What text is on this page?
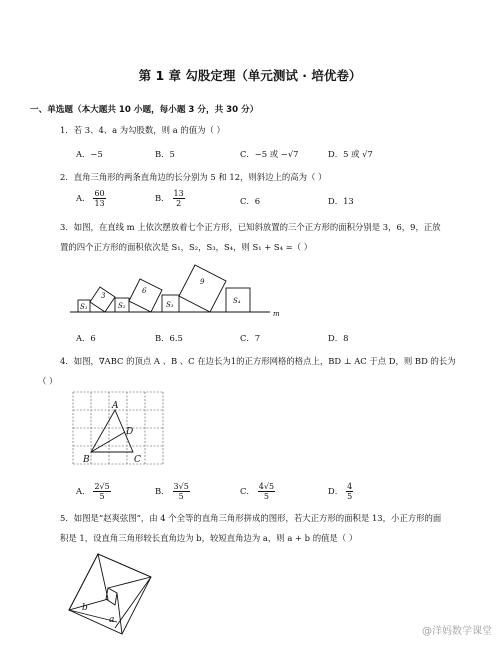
第 1 章 勾股定理（单元测试 · 培优卷）
一、单选题（本大题共 10 小题，每小题 3 分，共 30 分）
1．若 3、4、a 为勾股数，则 a 的值为（ ）
A．−5	B．5	C．−5 或 −√7	D．5 或 √7
2．直角三角形的两条直角边的长分别为 5 和 12，则斜边上的高为（ ）
A． $\frac{60}{13}$	B． $\frac{13}{2}$	C．6	D．13
3．如图，在直线 m 上依次摆放着七个正方形，已知斜放置的三个正方形的面积分别是 3，6，9，正放
置的四个正方形的面积依次是 S₁，S₂，S₃，S₄，则 S₁ + S₄ =（ ）
S₁
3
S₂
6
S₃
9
S₄
m
A．6	B．6.5	C．7	D．8
4．如图，∇ABC 的顶点 A 、B 、C 在边长为1的正方形网格的格点上，BD ⊥ AC 于点 D，则 BD 的长为
（ ）
A
B	C
D
A． $\frac{2√5}{5}$	B． $\frac{3√5}{5}$	C． $\frac{4√5}{5}$	D． $\frac{4}{5}$
5．如图是“赵爽弦图”，由 4 个全等的直角三角形拼成的图形，若大正方形的面积是 13，小正方形的面
积是 1，设直角三角形较长直角边为 b，较短直角边为 a，则 a + b 的值是（ ）
b
a
@洋妈数学课堂
